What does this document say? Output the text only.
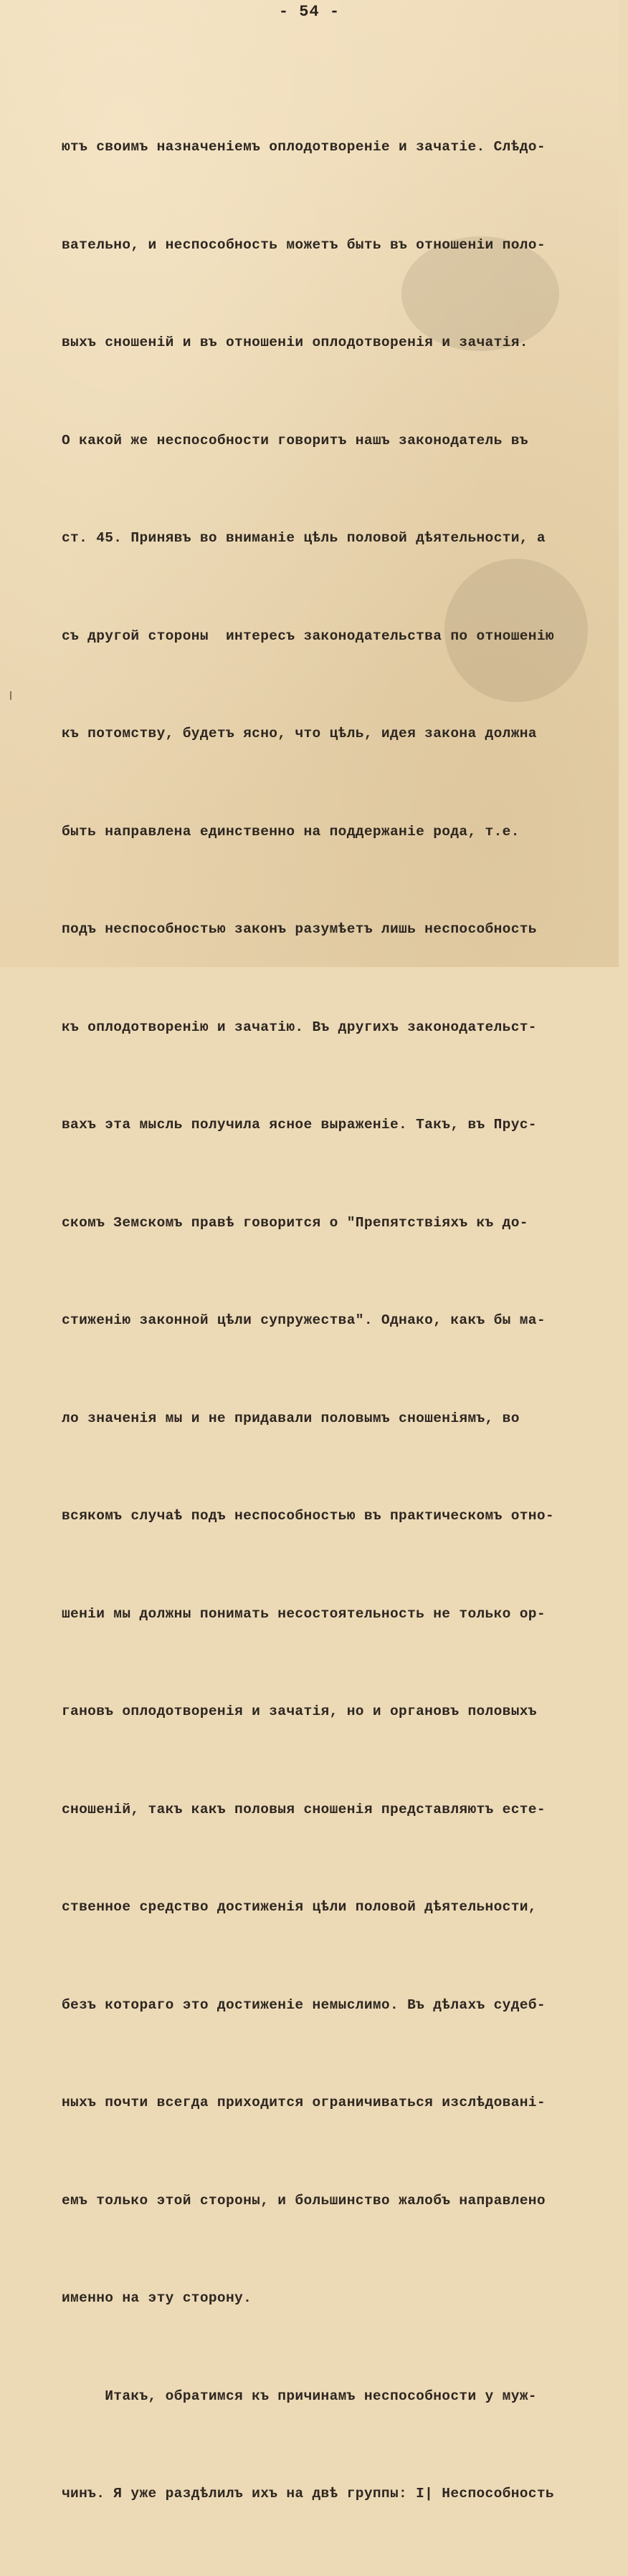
- 54 -

ютъ своимъ назначеніемъ оплодотвореніе и зачатіе. Слѣдо-

вательно, и неспособность можетъ быть въ отношеніи поло-

выхъ сношеній и въ отношеніи оплодотворенія и зачатія.

О какой же неспособности говоритъ нашъ законодатель въ

ст. 45. Принявъ во вниманіе цѣль половой дѣятельности, а

съ другой стороны  интересъ законодательства по отношенію

къ потомству, будетъ ясно, что цѣль, идея закона должна

быть направлена единственно на поддержаніе рода, т.е.

подъ неспособностью законъ разумѣетъ лишь неспособность

къ оплодотворенію и зачатію. Въ другихъ законодательст-

вахъ эта мысль получила ясное выраженіе. Такъ, въ Прус-

скомъ Земскомъ правѣ говорится о "Препятствіяхъ къ до-

стиженію законной цѣли супружества". Однако, какъ бы ма-

ло значенія мы и не придавали половымъ сношеніямъ, во

всякомъ случаѣ подъ неспособностью въ практическомъ отно-

шеніи мы должны понимать несостоятельность не только ор-

гановъ оплодотворенія и зачатія, но и органовъ половыхъ

сношеній, такъ какъ половыя сношенія представляютъ есте-

ственное средство достиженія цѣли половой дѣятельности,

безъ котораго это достиженіе немыслимо. Въ дѣлахъ судеб-

ныхъ почти всегда приходится ограничиваться изслѣдовані-

емъ только этой стороны, и большинство жалобъ направлено

именно на эту сторону.

Итакъ, обратимся къ причинамъ неспособности у муж-

чинъ. Я уже раздѣлилъ ихъ на двѣ группы: I| Неспособность
